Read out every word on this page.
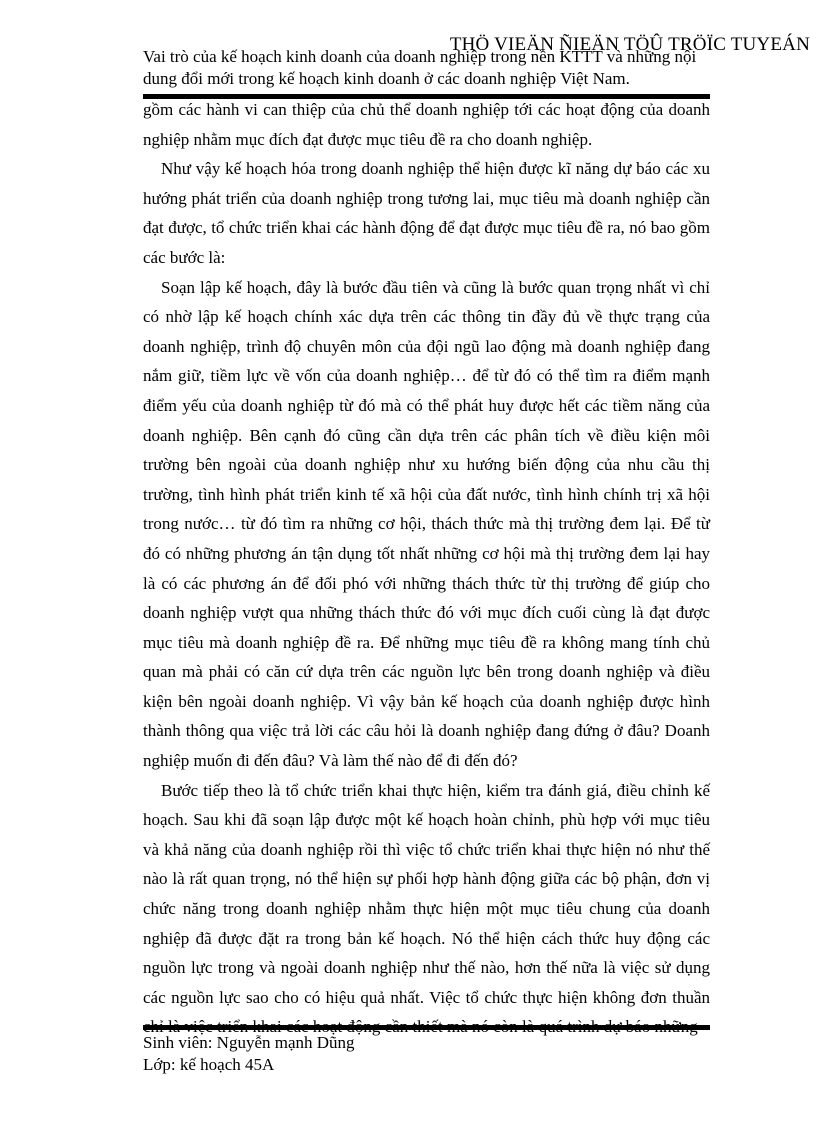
THÖ VIEÄN ÑIEÄN TÖÛ TRÖÏC TUYEÁN
Vai trò của kế hoạch kinh doanh của doanh nghiệp trong nền KTTT và những nội
dung đổi mới trong kế hoạch kinh doanh ở các doanh nghiệp Việt Nam.

gồm các hành vi can thiệp của chủ thể doanh nghiệp tới các hoạt động của doanh nghiệp nhằm mục đích đạt được mục tiêu đề ra cho doanh nghiệp.

Như vậy kế hoạch hóa trong doanh nghiệp thể hiện được kĩ năng dự báo các xu hướng phát triển của doanh nghiệp trong tương lai, mục tiêu mà doanh nghiệp cần đạt được, tổ chức triển khai các hành động để đạt được mục tiêu đề ra, nó bao gồm các bước là:

Soạn lập kế hoạch, đây là bước đầu tiên và cũng là bước quan trọng nhất vì chỉ có nhờ lập kế hoạch chính xác dựa trên các thông tin đầy đủ về thực trạng của doanh nghiệp, trình độ chuyên môn của đội ngũ lao động mà doanh nghiệp đang nắm giữ, tiềm lực về vốn của doanh nghiệp… để từ đó có thể tìm ra điểm mạnh điểm yếu của doanh nghiệp từ đó mà có thể phát huy được hết các tiềm năng của doanh nghiệp. Bên cạnh đó cũng cần dựa trên các phân tích về điều kiện môi trường bên ngoài của doanh nghiệp như xu hướng biến động của nhu cầu thị trường, tình hình phát triển kinh tế xã hội của đất nước, tình hình chính trị xã hội trong nước… từ đó tìm ra những cơ hội, thách thức mà thị trường đem lại. Để từ đó có những phương án tận dụng tốt nhất những cơ hội mà thị trường đem lại hay là có các phương án để đối phó với những thách thức từ thị trường để giúp cho doanh nghiệp vượt qua những thách thức đó với mục đích cuối cùng là đạt được mục tiêu mà doanh nghiệp đề ra. Để những mục tiêu đề ra không mang tính chủ quan mà phải có căn cứ dựa trên các nguồn lực bên trong doanh nghiệp và điều kiện bên ngoài doanh nghiệp. Vì vậy bản kế hoạch của doanh nghiệp được hình thành thông qua việc trả lời các câu hỏi là doanh nghiệp đang đứng ở đâu? Doanh nghiệp muốn đi đến đâu? Và làm thế nào để đi đến đó?

Bước tiếp theo là tổ chức triển khai thực hiện, kiểm tra đánh giá, điều chỉnh kế hoạch. Sau khi đã soạn lập được một kế hoạch hoàn chỉnh, phù hợp với mục tiêu và khả năng của doanh nghiệp rồi thì việc tổ chức triển khai thực hiện nó như thế nào là rất quan trọng, nó thể hiện sự phối hợp hành động giữa các bộ phận, đơn vị chức năng trong doanh nghiệp nhằm thực hiện một mục tiêu chung của doanh nghiệp đã được đặt ra trong bản kế hoạch. Nó thể hiện cách thức huy động các nguồn lực trong và ngoài doanh nghiệp như thế nào, hơn thế nữa là việc sử dụng các nguồn lực sao cho có hiệu quả nhất. Việc tổ chức thực hiện không đơn thuần

Sinh viên: Nguyễn mạnh Dũng
Lớp: kế hoạch 45A
